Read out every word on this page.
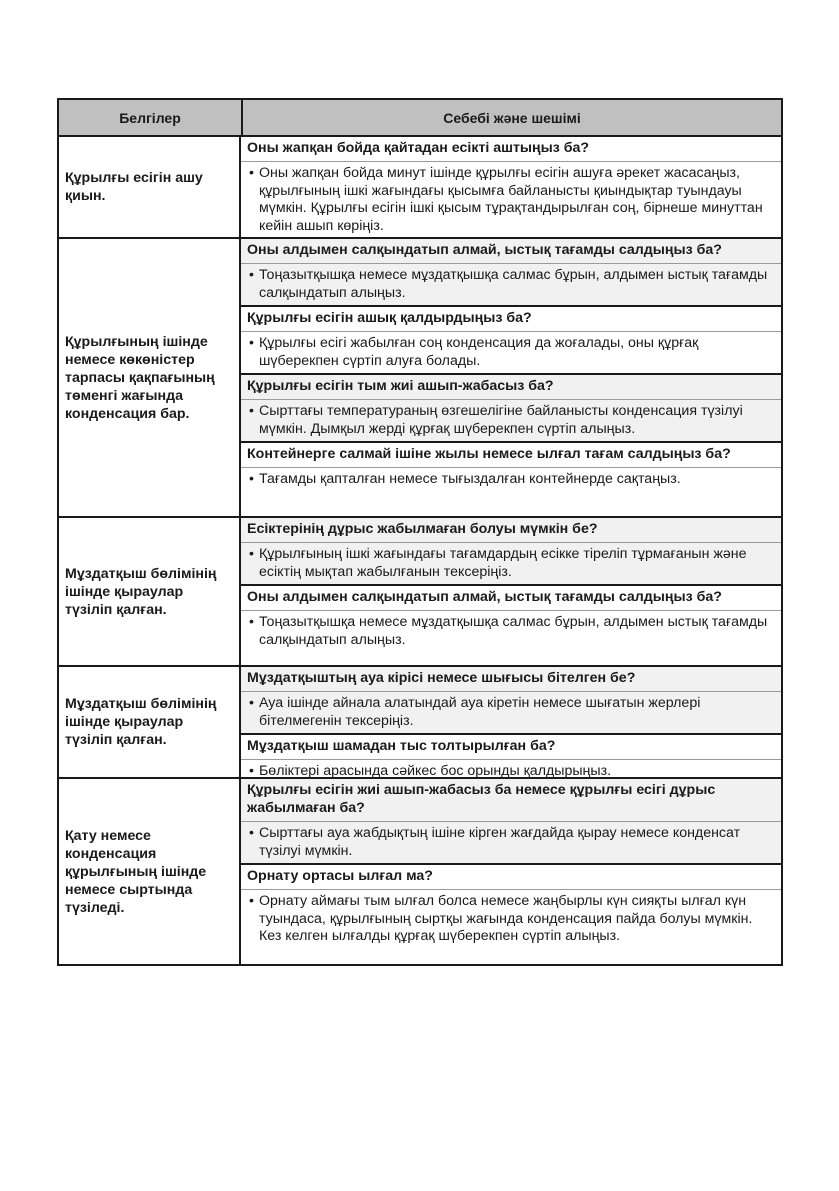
Белгілер	Себебі және шешімі
Құрылғы есігін ашу қиын.
Оны жапқан бойда қайтадан есікті аштыңыз ба?
• Оны жапқан бойда минут ішінде құрылғы есігін ашуға әрекет жасасаңыз, құрылғының ішкі жағындағы қысымға байланысты қиындықтар туындауы мүмкін. Құрылғы есігін ішкі қысым тұрақтандырылған соң, бірнеше минуттан кейін ашып көріңіз.
Құрылғының ішінде немесе көкөністер тарпасы қақпағының төменгі жағында конденсация бар.
Оны алдымен салқындатып алмай, ыстық тағамды салдыңыз ба?
• Тоңазытқышқа немесе мұздатқышқа салмас бұрын, алдымен ыстық тағамды салқындатып алыңыз.
Құрылғы есігін ашық қалдырдыңыз ба?
• Құрылғы есігі жабылған соң конденсация да жоғалады, оны құрғақ шүберекпен сүртіп алуға болады.
Құрылғы есігін тым жиі ашып-жабасыз ба?
• Сырттағы температураның өзгешелігіне байланысты конденсация түзілуі мүмкін. Дымқыл жерді құрғақ шүберекпен сүртіп алыңыз.
Контейнерге салмай ішіне жылы немесе ылғал тағам салдыңыз ба?
• Тағамды қапталған немесе тығыздалған контейнерде сақтаңыз.
Мұздатқыш бөлімінің ішінде қыраулар түзіліп қалған.
Есіктерінің дұрыс жабылмаған болуы мүмкін бе?
• Құрылғының ішкі жағындағы тағамдардың есікке тіреліп тұрмағанын және есіктің мықтап жабылғанын тексеріңіз.
Оны алдымен салқындатып алмай, ыстық тағамды салдыңыз ба?
• Тоңазытқышқа немесе мұздатқышқа салмас бұрын, алдымен ыстық тағамды салқындатып алыңыз.
Мұздатқыш бөлімінің ішінде қыраулар түзіліп қалған.
Мұздатқыштың ауа кірісі немесе шығысы бітелген бе?
• Ауа ішінде айнала алатындай ауа кіретін немесе шығатын жерлері бітелмегенін тексеріңіз.
Мұздатқыш шамадан тыс толтырылған ба?
• Бөліктері арасында сәйкес бос орынды қалдырыңыз.
Қату немесе конденсация құрылғының ішінде немесе сыртында түзіледі.
Құрылғы есігін жиі ашып-жабасыз ба немесе құрылғы есігі дұрыс жабылмаған ба?
• Сырттағы ауа жабдықтың ішіне кірген жағдайда қырау немесе конденсат түзілуі мүмкін.
Орнату ортасы ылғал ма?
• Орнату аймағы тым ылғал болса немесе жаңбырлы күн сияқты ылғал күн туындаса, құрылғының сыртқы жағында конденсация пайда болуы мүмкін. Кез келген ылғалды құрғақ шүберекпен сүртіп алыңыз.
